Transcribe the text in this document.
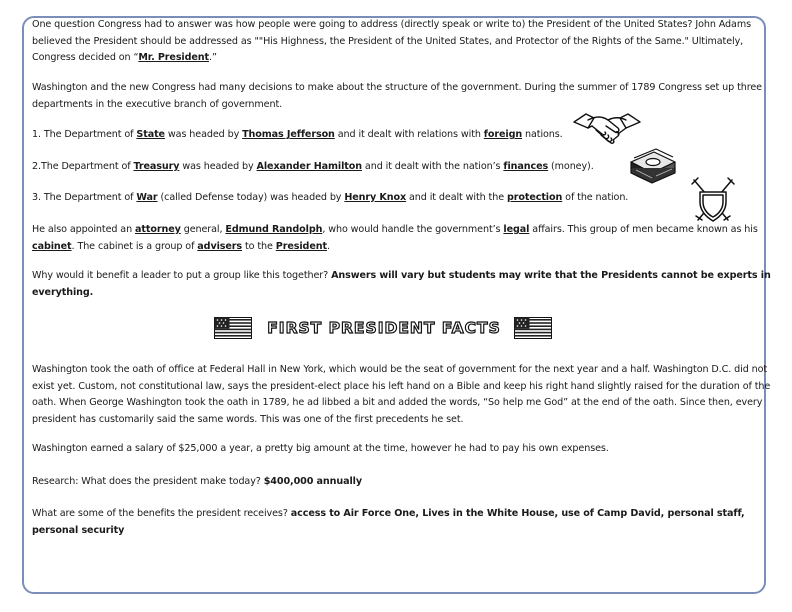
One question Congress had to answer was how people were going to address (directly speak or write to) the President of the United States? John Adams believed the President should be addressed as ""His Highness, the President of the United States, and Protector of the Rights of the Same." Ultimately, Congress decided on “Mr. President.”
Washington and the new Congress had many decisions to make about the structure of the government. During the summer of 1789 Congress set up three departments in the executive branch of government.
1. The Department of State was headed by Thomas Jefferson and it dealt with relations with foreign nations.
2.The Department of Treasury was headed by Alexander Hamilton and it dealt with the nation’s finances (money).
3. The Department of War (called Defense today) was headed by Henry Knox and it dealt with the protection of the nation.
He also appointed an attorney general, Edmund Randolph, who would handle the government’s legal affairs. This group of men became known as his cabinet. The cabinet is a group of advisers to the President.
Why would it benefit a leader to put a group like this together? Answers will vary but students may write that the Presidents cannot be experts in everything.
FIRST PRESIDENT FACTS
Washington took the oath of office at Federal Hall in New York, which would be the seat of government for the next year and a half. Washington D.C. did not exist yet. Custom, not constitutional law, says the president-elect place his left hand on a Bible and keep his right hand slightly raised for the duration of the oath. When George Washington took the oath in 1789, he ad libbed a bit and added the words, “So help me God” at the end of the oath. Since then, every president has customarily said the same words. This was one of the first precedents he set.
Washington earned a salary of $25,000 a year, a pretty big amount at the time, however he had to pay his own expenses.
Research: What does the president make today? $400,000 annually
What are some of the benefits the president receives? access to Air Force One, Lives in the White House, use of Camp David, personal staff, personal security
